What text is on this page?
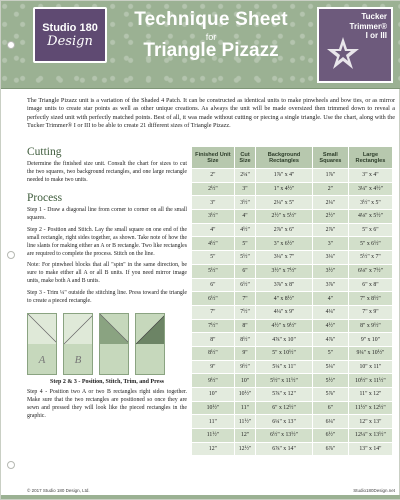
Studio 180
Design
Technique Sheet
for
Triangle Pizazz
Tucker
Trimmer®
I or III

The Triangle Pizazz unit is a variation of the Shaded 4 Patch. It can be constructed as identical units to make pinwheels and bow ties, or as mirror image units to create star points as well as other unique creations. As always the unit will be made oversized then trimmed down to reveal a perfectly sized unit with perfectly matched points. Best of all, it was made without cutting or piecing a single triangle. Use the chart, along with the Tucker Trimmer® I or III to be able to create 21 different sizes of Triangle Pizazz.

Cutting

Determine the finished size unit. Consult the chart for sizes to cut the two squares, two background rectangles, and one large rectangle needed to make two units.

Process

Step 1 - Draw a diagonal line from corner to corner on all the small squares.

Step 2 - Position and Stitch. Lay the small square on one end of the small rectangle, right sides together, as shown. Take note of how the line slants for making either an A or B rectangle. Two like rectangles are required to complete the process. Stitch on the line.

Note: For pinwheel blocks that all "spin" in the same direction, be sure to make either all A or all B units. If you need mirror image units, make both A and B units.

Step 3 - Trim ¼" outside the stitching line. Press toward the triangle to create a pieced rectangle.

A	B
Step 2 & 3 - Position, Stitch, Trim, and Press

Step 4 - Position two A or two B rectangles right sides together. Make sure that the two rectangles are positioned so once they are sewn and pressed they will look like the pieced rectangles in the graphic.

Finished Unit Size	Cut Size	Background Rectangles	Small Squares	Large Rectangles
2"	2¼"	1⅞" x 4"	1⅞"	3" x 4"
2½"	3"	1" x 4½"	2"	3¼" x 4½"
3"	3½"	2¼" x 5"	2¼"	3½" x 5"
3½"	4"	2½" x 5½"	2½"	4⅛" x 5½"
4"	4½"	2⅞" x 6"	2⅞"	5" x 6"
4½"	5"	3" x 6½"	3"	5" x 6½"
5"	5½"	3¼" x 7"	3¼"	5½" x 7"
5½"	6"	3½" x 7½"	3½"	6⅛" x 7½"
6"	6½"	3⅞" x 8"	3⅞"	6" x 8"
6½"	7"	4" x 8½"	4"	7" x 8½"
7"	7½"	4¼" x 9"	4¼"	7" x 9"
7½"	8"	4½" x 9½"	4½"	8" x 9½"
8"	8½"	4⅞" x 10"	4⅞"	9" x 10"
8½"	9"	5" x 10½"	5"	9¼" x 10½"
9"	9½"	5¼" x 11"	5¼"	10" x 11"
9½"	10"	5½" x 11½"	5½"	10½" x 11½"
10"	10½"	5⅞" x 12"	5⅞"	11" x 12"
10½"	11"	6" x 12½"	6"	11½" x 12½"
11"	11½"	6¼" x 13"	6¼"	12" x 13"
11½"	12"	6½" x 13½"	6½"	12¼" x 13½"
12"	12½"	6⅞" x 14"	6⅞"	13" x 14"
© 2017 Studio 180 Design, Ltd.	Studio180Design.net
